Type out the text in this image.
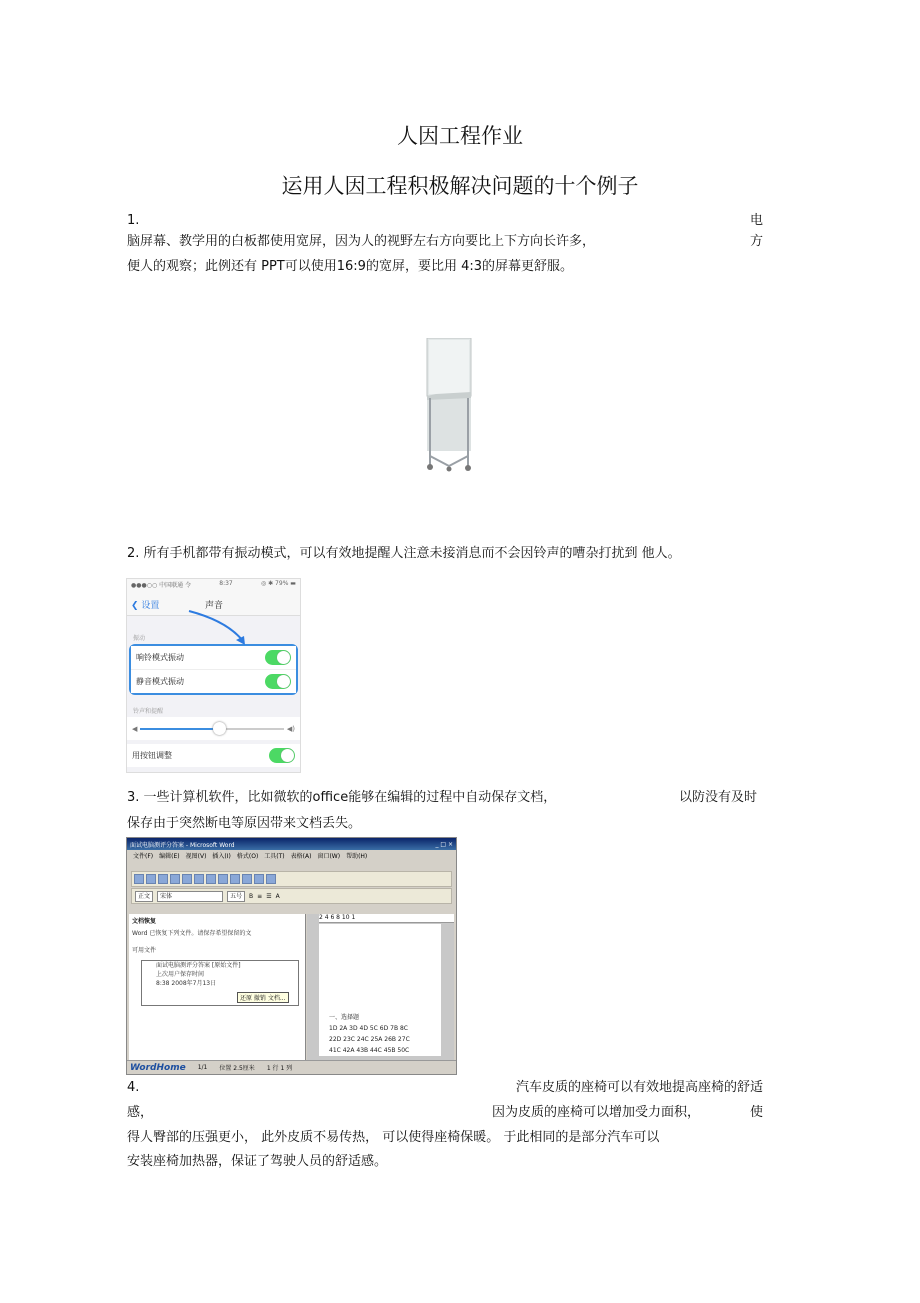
人因工程作业
运用人因工程积极解决问题的十个例子
1.	电
脑屏幕、教学用的白板都使用宽屏，因为人的视野左右方向要比上下方向长许多，	方
便人的观察；此例还有 PPT可以使用16:9的宽屏，要比用 4:3的屏幕更舒服。
2. 所有手机都带有振动模式，可以有效地提醒人注意未接消息而不会因铃声的嘈杂打扰到 他人。
●●●○○ 中国联通 令	8:37	◎ ✱ 79% ▬
❮ 设置	声音
振动
响铃模式振动
静音模式振动
铃声和提醒
◀	◀)
用按钮调整
3. 一些计算机软件，比如微软的office能够在编辑的过程中自动保存文档，	以防没有及时
保存由于突然断电等原因带来文档丢失。
面试电脑测评分答案 - Microsoft Word	_ □ ×
文件(F) 编辑(E) 视图(V) 插入(I) 格式(O) 工具(T) 表格(A) 窗口(W) 帮助(H)
正文	宋体	五号	B ≡ ☰ A
文档恢复
Word 已恢复下列文件。请保存希望保留的文
可用文件
面试电脑测评分答案 [原始文件]
上次用户保存时间
8:38 2008年7月13日
2 4 6 8 10 1
一、选择题
1D 2A 3D 4D 5C 6D 7B 8C
22D 23C 24C 25A 26B 27C
41C 42A 43B 44C 45B 50C
还原 撤销 文档...
WordHome 1/1 位置 2.5厘米 1 行 1 列
4.	汽车皮质的座椅可以有效地提高座椅的舒适
感，	因为皮质的座椅可以增加受力面积，	使
得人臀部的压强更小， 此外皮质不易传热， 可以使得座椅保暖。 于此相同的是部分汽车可以
安装座椅加热器，保证了驾驶人员的舒适感。
